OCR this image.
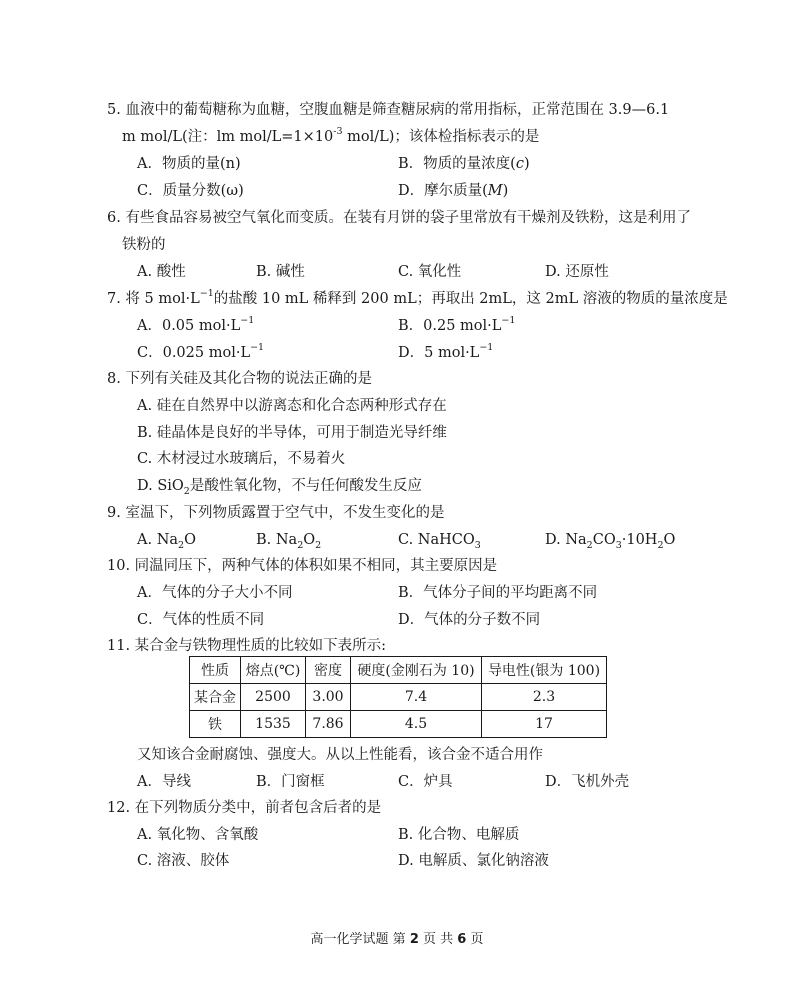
5. 血液中的葡萄糖称为血糖，空腹血糖是筛查糖尿病的常用指标，正常范围在 3.9—6.1
m mol/L(注：lm mol/$L=1\times 10^{-3}$ mol/L)；该体检指标表示的是
A．物质的量(n)	B．物质的量浓度(c)
C．质量分数(ω)	D．摩尔质量(M)
6. 有些食品容易被空气氧化而变质。在装有月饼的袋子里常放有干燥剂及铁粉，这是利用了
铁粉的
A. 酸性	B. 碱性	C. 氧化性	D. 还原性
7. 将 5 $mol\cdot L^{-1}$的盐酸 10 mL 稀释到 200 mL；再取出 2mL，这 2mL 溶液的物质的量浓度是
A．0.05 $mol\cdot L^{-1}$	B．0.25 $mol\cdot L^{-1}$
C．0.025 $mol\cdot L^{-1}$	D．5 $mol\cdot L^{-1}$
8. 下列有关硅及其化合物的说法正确的是
A. 硅在自然界中以游离态和化合态两种形式存在
B. 硅晶体是良好的半导体，可用于制造光导纤维
C. 木材浸过水玻璃后，不易着火
D. SiO$_2$是酸性氧化物，不与任何酸发生反应
9. 室温下，下列物质露置于空气中，不发生变化的是
A. $Na_2O$	B. $Na_2O_2$	C. NaHCO$_3$	D. $Na_2CO_3\cdot 10H_2O$
10. 同温同压下，两种气体的体积如果不相同，其主要原因是
A．气体的分子大小不同	B．气体分子间的平均距离不同
C．气体的性质不同	D．气体的分子数不同
11. 某合金与铁物理性质的比较如下表所示:
性质	熔点(℃)	密度	硬度(金刚石为 10)	导电性(银为 100)
某合金	2500	3.00	7.4	2.3
铁	1535	7.86	4.5	17
又知该合金耐腐蚀、强度大。从以上性能看，该合金不适合用作
A．导线	B．门窗框	C．炉具	D．飞机外壳
12. 在下列物质分类中，前者包含后者的是
A. 氧化物、含氧酸	B. 化合物、电解质
C. 溶液、胶体	D. 电解质、氯化钠溶液
高一化学试题 第 2 页 共 6 页
